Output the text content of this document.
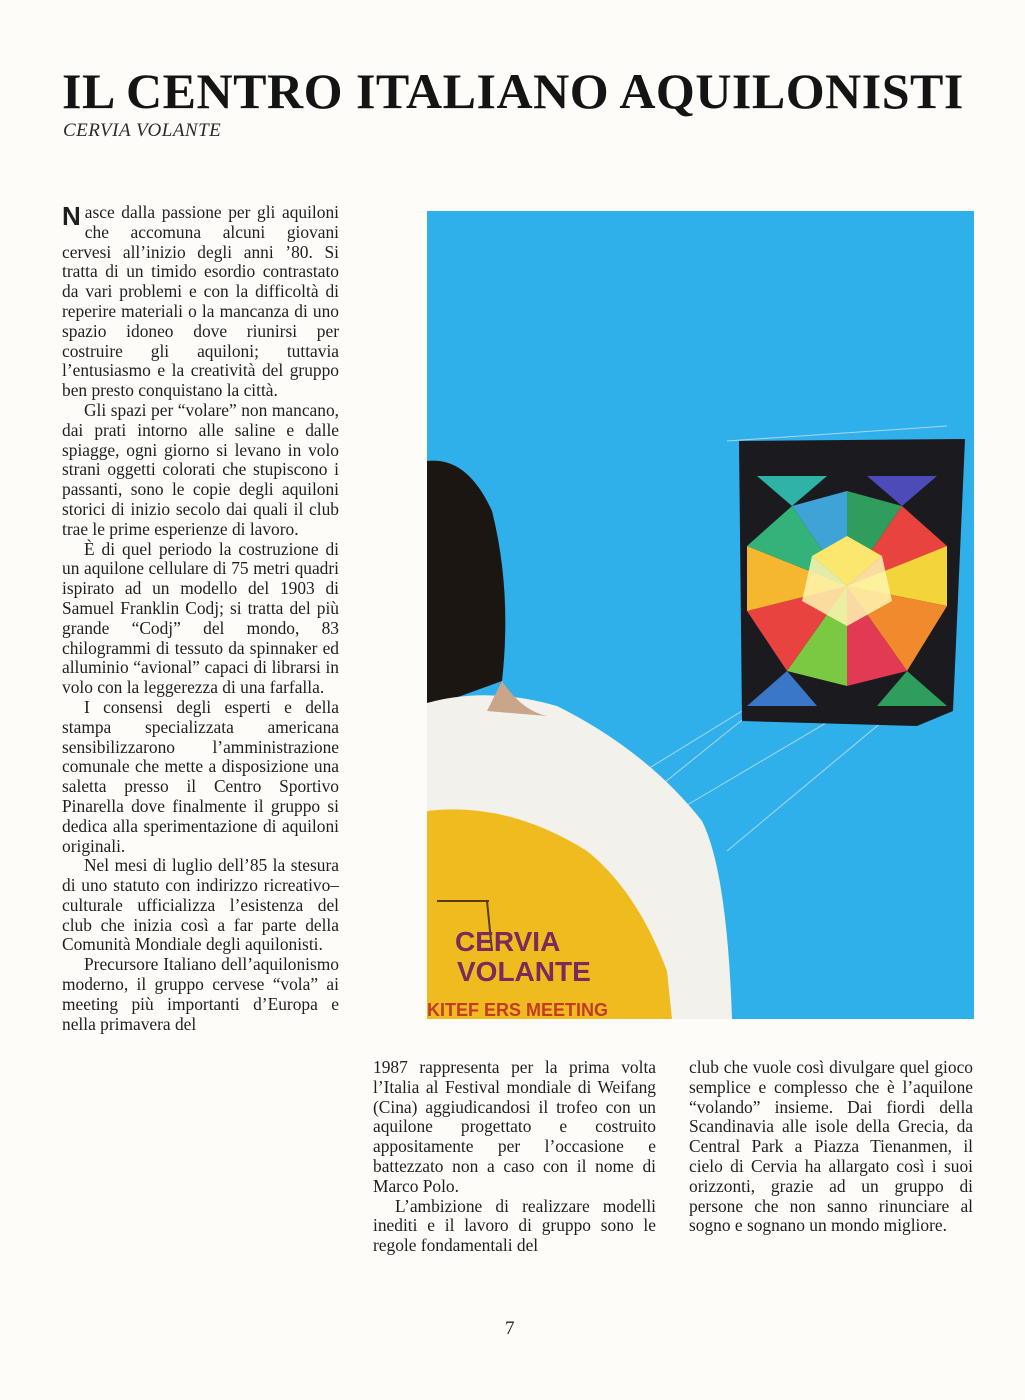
IL CENTRO ITALIANO AQUILONISTI
CERVIA VOLANTE

N asce dalla passione per gli aquiloni che accomuna alcuni giovani cervesi all’inizio degli anni ’80. Si tratta di un timido esordio contrastato da vari problemi e con la difficoltà di reperire materiali o la mancanza di uno spazio idoneo dove riunirsi per costruire gli aquiloni; tuttavia l’entusiasmo e la creatività del gruppo ben presto conquistano la città.

Gli spazi per “volare” non mancano, dai prati intorno alle saline e dalle spiagge, ogni giorno si levano in volo strani oggetti colorati che stupiscono i passanti, sono le copie degli aquiloni storici di inizio secolo dai quali il club trae le prime esperienze di lavoro.

È di quel periodo la costruzione di un aquilone cellulare di 75 metri quadri ispirato ad un modello del 1903 di Samuel Franklin Codj; si tratta del più grande “Codj” del mondo, 83 chilogrammi di tessuto da spinnaker ed alluminio “avional” capaci di librarsi in volo con la leggerezza di una farfalla.

I consensi degli esperti e della stampa specializzata americana sensibilizzarono l’amministrazione comunale che mette a disposizione una saletta presso il Centro Sportivo Pinarella dove finalmente il gruppo si dedica alla sperimentazione di aquiloni originali.

Nel mesi di luglio dell’85 la stesura di uno statuto con indirizzo ricreativo–culturale ufficializza l’esistenza del club che inizia così a far parte della Comunità Mondiale degli aquilonisti.

Precursore Italiano dell’aquilonismo moderno, il gruppo cervese “vola” ai meeting più importanti d’Europa e nella primavera del

CERVIA
VOLANTE
KITEF ERS MEETING

1987 rappresenta per la prima volta l’Italia al Festival mondiale di Weifang (Cina) aggiudicandosi il trofeo con un aquilone progettato e costruito appositamente per l’occasione e battezzato non a caso con il nome di Marco Polo.

L’ambizione di realizzare modelli inediti e il lavoro di gruppo sono le regole fondamentali del

club che vuole così divulgare quel gioco semplice e complesso che è l’aquilone “volando” insieme. Dai fiordi della Scandinavia alle isole della Grecia, da Central Park a Piazza Tienanmen, il cielo di Cervia ha allargato così i suoi orizzonti, grazie ad un gruppo di persone che non sanno rinunciare al sogno e sognano un mondo migliore.

7
